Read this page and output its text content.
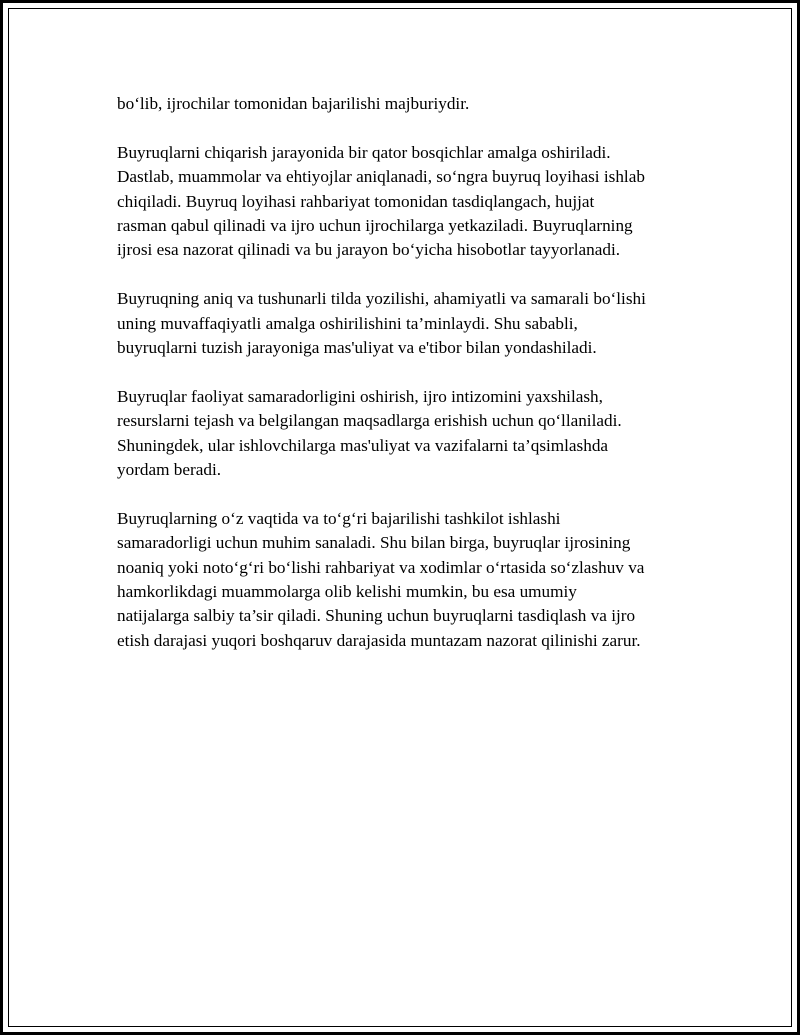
bo‘lib, ijrochilar tomonidan bajarilishi majburiydir.

Buyruqlarni chiqarish jarayonida bir qator bosqichlar amalga oshiriladi.
Dastlab, muammolar va ehtiyojlar aniqlanadi, so‘ngra buyruq loyihasi ishlab
chiqiladi. Buyruq loyihasi rahbariyat tomonidan tasdiqlangach, hujjat
rasman qabul qilinadi va ijro uchun ijrochilarga yetkaziladi. Buyruqlarning
ijrosi esa nazorat qilinadi va bu jarayon bo‘yicha hisobotlar tayyorlanadi.

Buyruqning aniq va tushunarli tilda yozilishi, ahamiyatli va samarali bo‘lishi
uning muvaffaqiyatli amalga oshirilishini ta’minlaydi. Shu sababli,
buyruqlarni tuzish jarayoniga mas'uliyat va e'tibor bilan yondashiladi.

Buyruqlar faoliyat samaradorligini oshirish, ijro intizomini yaxshilash,
resurslarni tejash va belgilangan maqsadlarga erishish uchun qo‘llaniladi.
Shuningdek, ular ishlovchilarga mas'uliyat va vazifalarni ta’qsimlashda
yordam beradi.

Buyruqlarning o‘z vaqtida va to‘g‘ri bajarilishi tashkilot ishlashi
samaradorligi uchun muhim sanaladi. Shu bilan birga, buyruqlar ijrosining
noaniq yoki noto‘g‘ri bo‘lishi rahbariyat va xodimlar o‘rtasida so‘zlashuv va
hamkorlikdagi muammolarga olib kelishi mumkin, bu esa umumiy
natijalarga salbiy ta’sir qiladi. Shuning uchun buyruqlarni tasdiqlash va ijro
etish darajasi yuqori boshqaruv darajasida muntazam nazorat qilinishi zarur.
